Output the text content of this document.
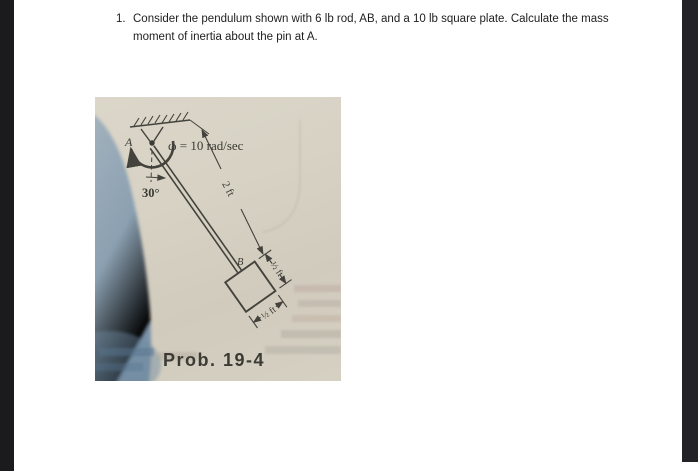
1. Consider the pendulum shown with 6 lb rod, AB, and a 10 lb square plate. Calculate the mass
moment of inertia about the pin at A.
A	ω = 10 rad/sec
30°	2 ft
B	½ ft
½ ft
Prob. 19-4
